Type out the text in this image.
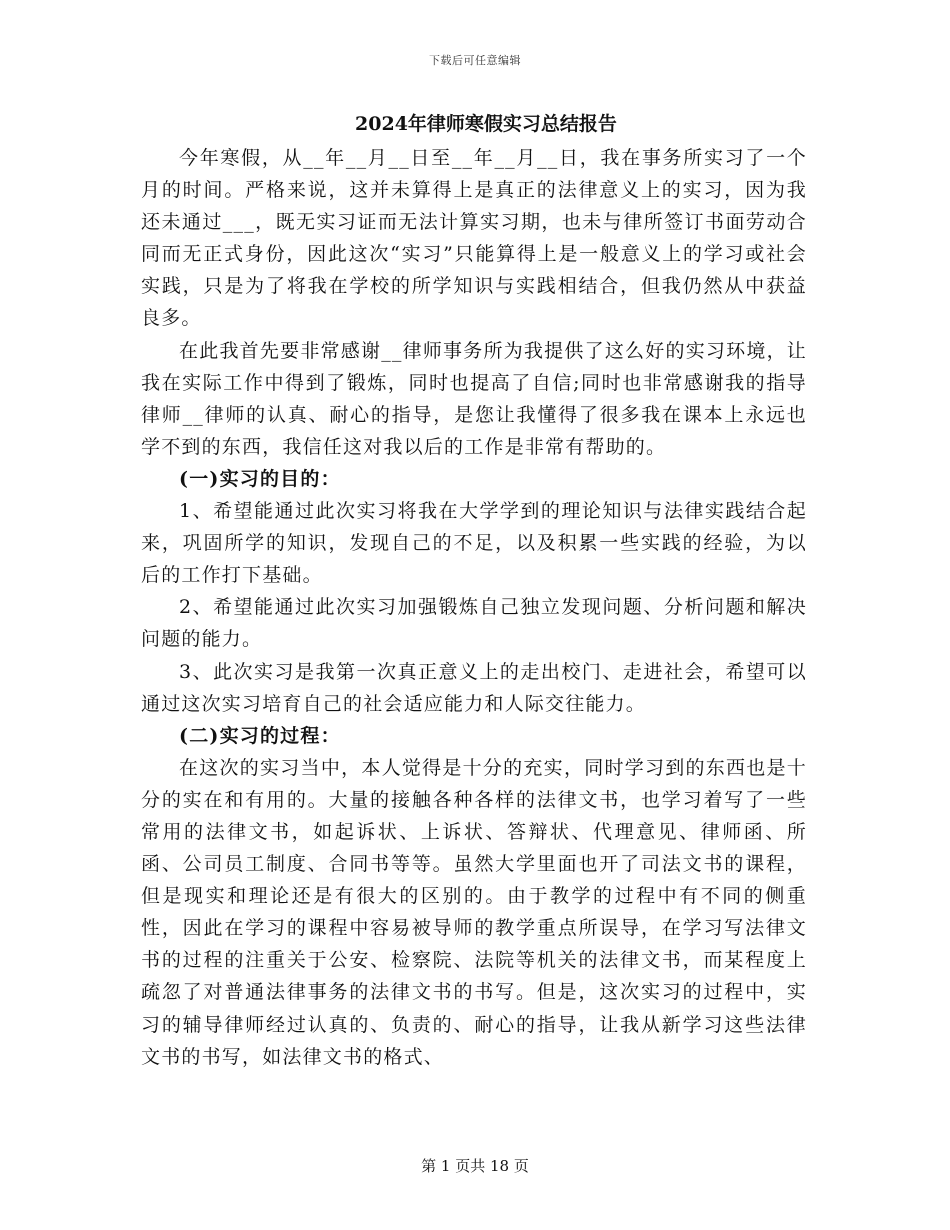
下载后可任意编辑
2024年律师寒假实习总结报告

今年寒假，从__年__月__日至__年__月__日，我在事务所实习了一个月的时间。严格来说，这并未算得上是真正的法律意义上的实习，因为我还未通过___，既无实习证而无法计算实习期，也未与律所签订书面劳动合同而无正式身份，因此这次“实习”只能算得上是一般意义上的学习或社会实践，只是为了将我在学校的所学知识与实践相结合，但我仍然从中获益良多。

在此我首先要非常感谢__律师事务所为我提供了这么好的实习环境，让我在实际工作中得到了锻炼，同时也提高了自信;同时也非常感谢我的指导律师__律师的认真、耐心的指导，是您让我懂得了很多我在课本上永远也学不到的东西，我信任这对我以后的工作是非常有帮助的。

(一)实习的目的：

1、希望能通过此次实习将我在大学学到的理论知识与法律实践结合起来，巩固所学的知识，发现自己的不足，以及积累一些实践的经验，为以后的工作打下基础。

2、希望能通过此次实习加强锻炼自己独立发现问题、分析问题和解决问题的能力。

3、此次实习是我第一次真正意义上的走出校门、走进社会，希望可以通过这次实习培育自己的社会适应能力和人际交往能力。

(二)实习的过程：

在这次的实习当中，本人觉得是十分的充实，同时学习到的东西也是十分的实在和有用的。大量的接触各种各样的法律文书，也学习着写了一些常用的法律文书，如起诉状、上诉状、答辩状、代理意见、律师函、所函、公司员工制度、合同书等等。虽然大学里面也开了司法文书的课程，但是现实和理论还是有很大的区别的。由于教学的过程中有不同的侧重性，因此在学习的课程中容易被导师的教学重点所误导，在学习写法律文书的过程的注重关于公安、检察院、法院等机关的法律文书，而某程度上疏忽了对普通法律事务的法律文书的书写。但是，这次实习的过程中，实习的辅导律师经过认真的、负责的、耐心的指导，让我从新学习这些法律文书的书写，如法律文书的格式、

第 1 页共 18 页
